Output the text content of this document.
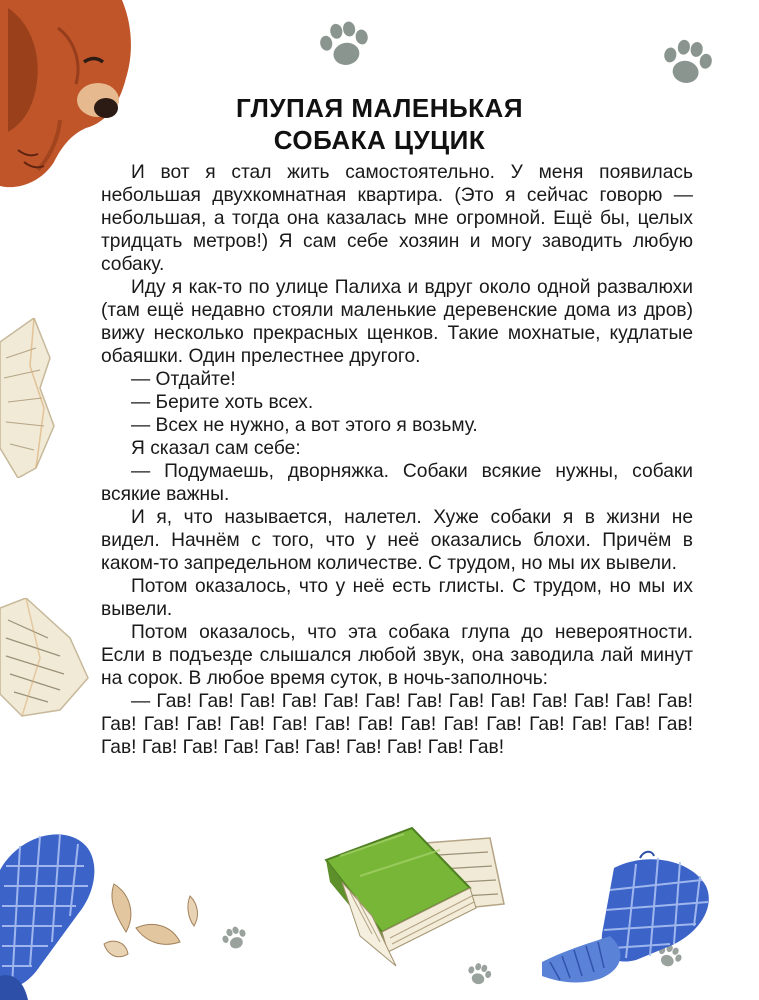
ГЛУПАЯ МАЛЕНЬКАЯ
СОБАКА ЦУЦИК

И вот я стал жить самостоятельно. У меня появилась небольшая двухкомнатная квартира. (Это я сейчас говорю — небольшая, а тогда она казалась мне огромной. Ещё бы, целых тридцать метров!) Я сам себе хозяин и могу заводить любую собаку.

Иду я как-то по улице Палиха и вдруг около одной развалюхи (там ещё недавно стояли маленькие деревенские дома из дров) вижу несколько прекрасных щенков. Такие мохнатые, кудлатые обаяшки. Один прелестнее другого.

— Отдайте!

— Берите хоть всех.

— Всех не нужно, а вот этого я возьму.

Я сказал сам себе:

— Подумаешь, дворняжка. Собаки всякие нужны, собаки всякие важны.

И я, что называется, налетел. Хуже собаки я в жизни не видел. Начнём с того, что у неё оказались блохи. Причём в каком-то запредельном количестве. С трудом, но мы их вывели.

Потом оказалось, что у неё есть глисты. С трудом, но мы их вывели.

Потом оказалось, что эта собака глупа до невероятности. Если в подъезде слышался любой звук, она заводила лай минут на сорок. В любое время суток, в ночь-заполночь:

— Гав! Гав! Гав! Гав! Гав! Гав! Гав! Гав! Гав! Гав! Гав! Гав! Гав! Гав! Гав! Гав! Гав! Гав! Гав! Гав! Гав! Гав! Гав! Гав! Гав! Гав! Гав! Гав! Гав! Гав! Гав! Гав! Гав! Гав! Гав! Гав! Гав!
